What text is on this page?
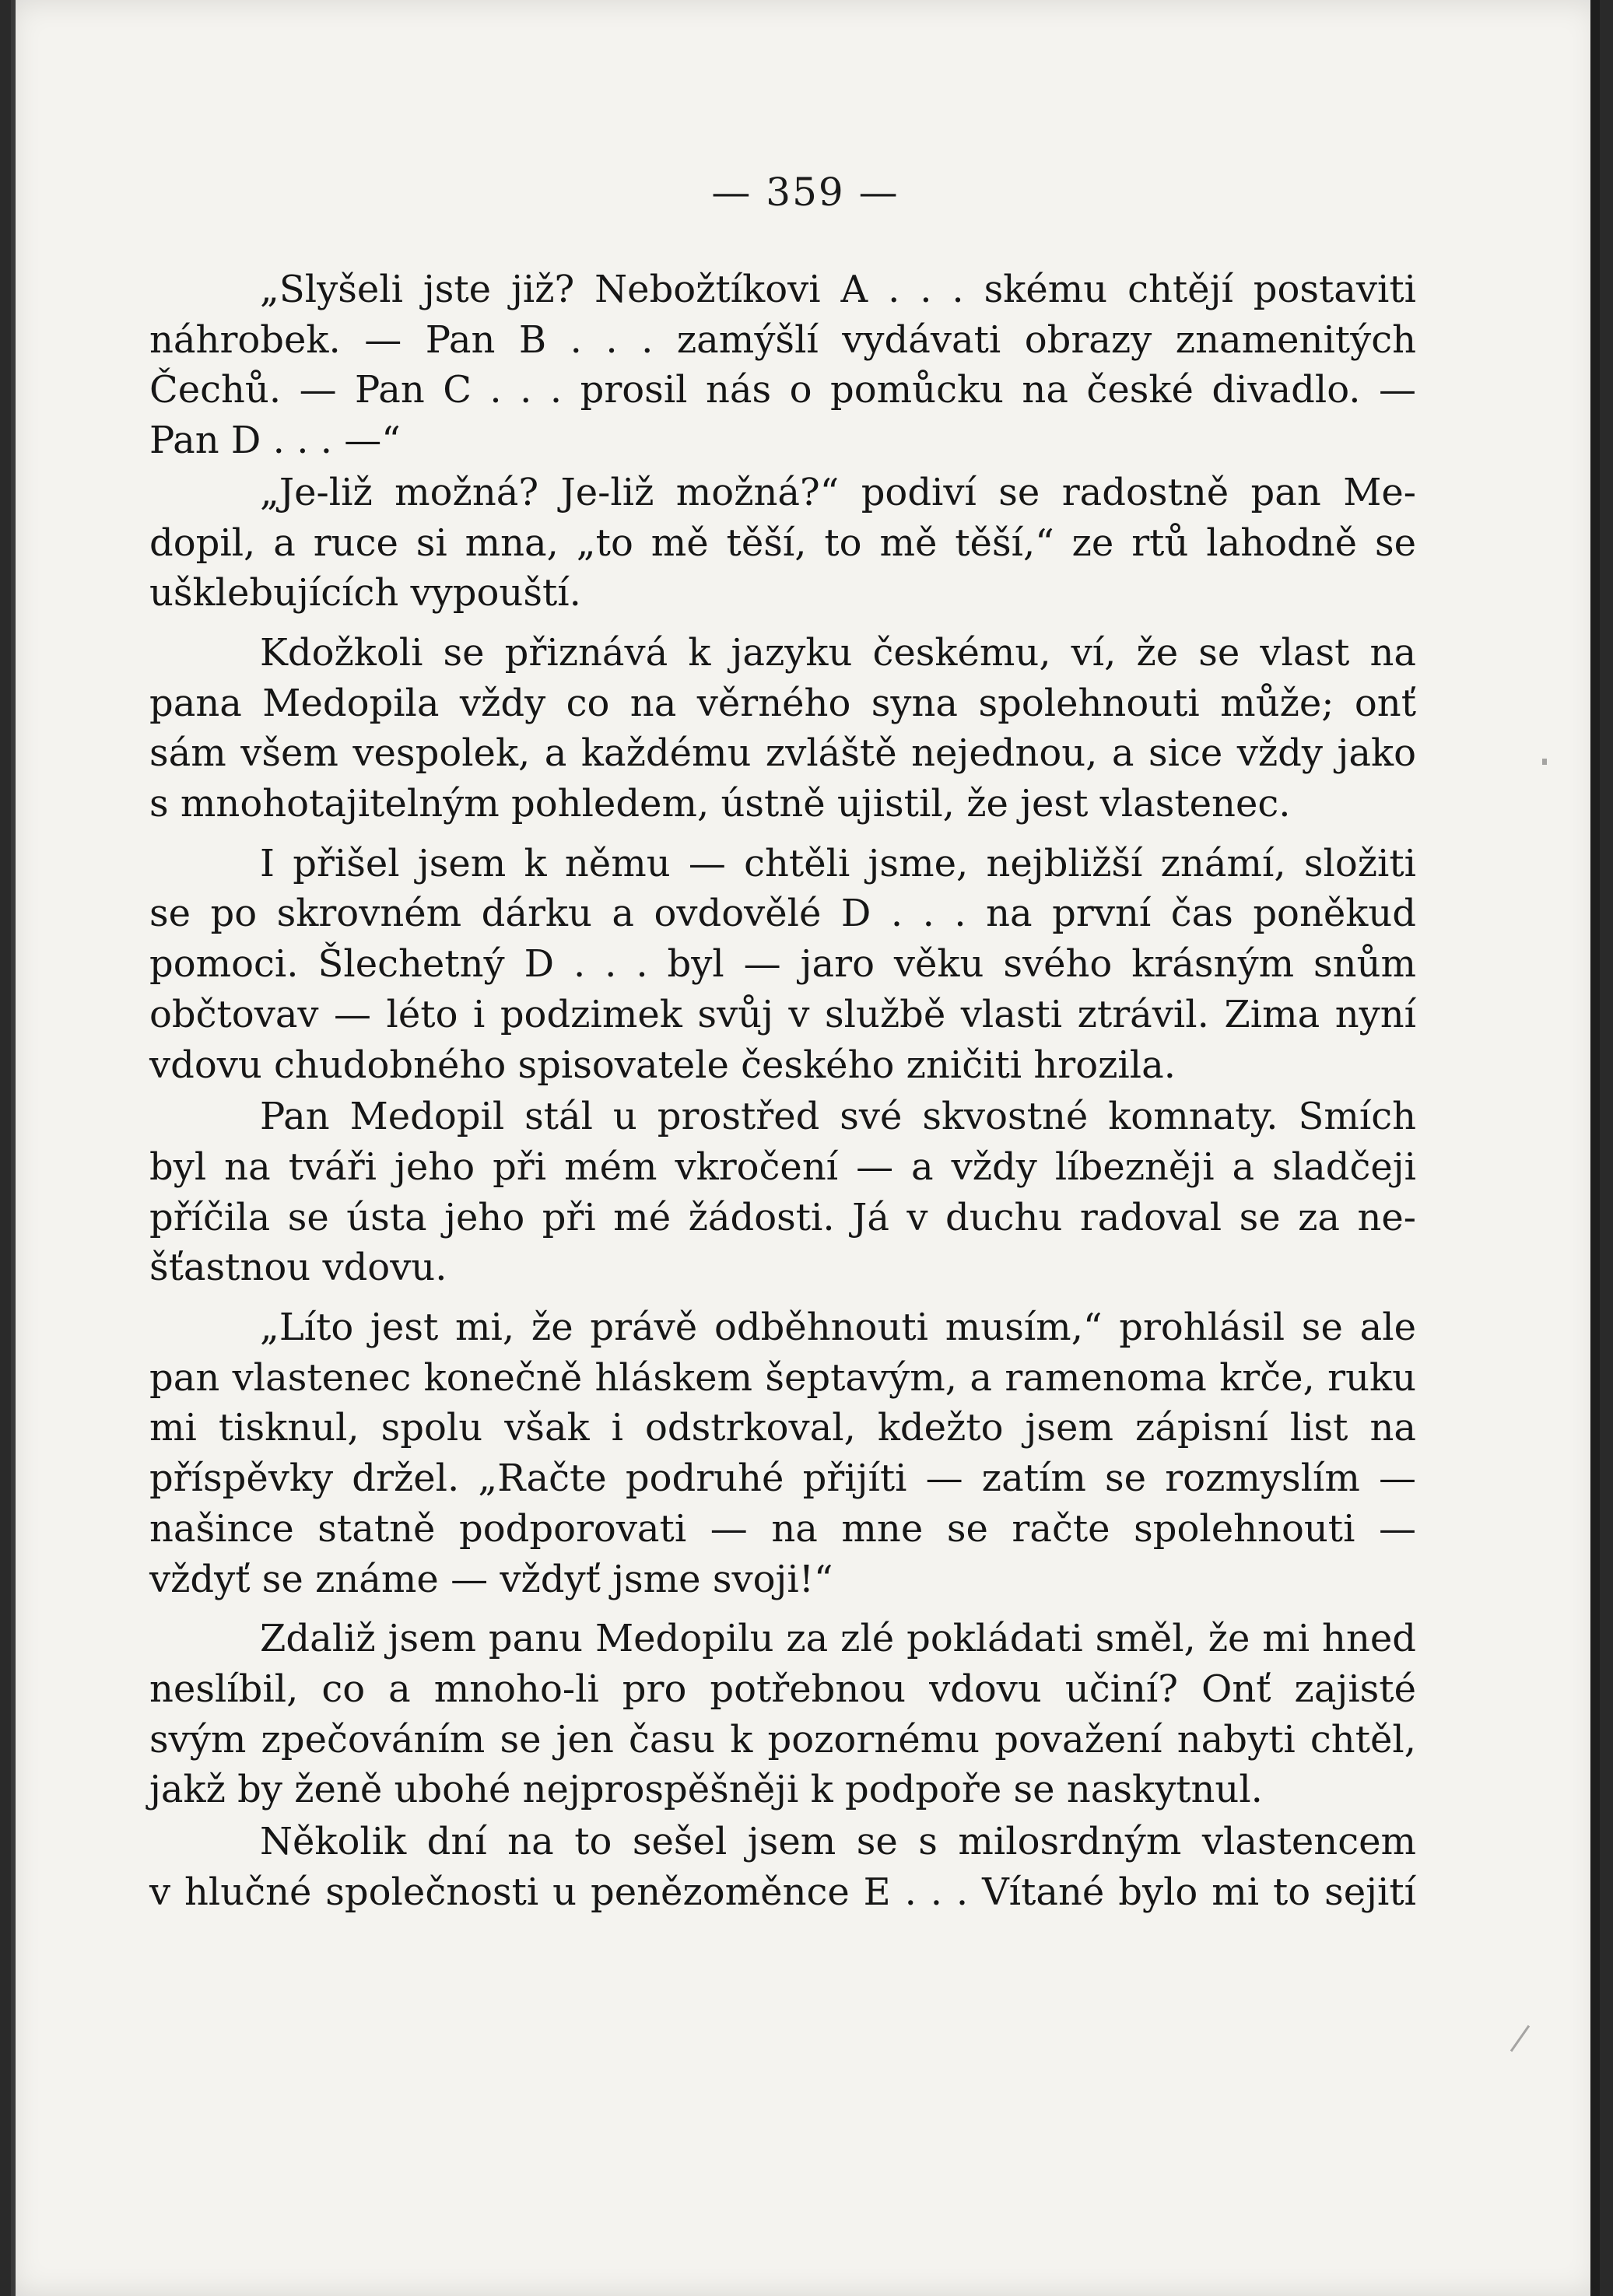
— 359 —
„Slyšeli jste již? Nebožtíkovi A . . . skému chtějí postaviti
náhrobek. — Pan B . . . zamýšlí vydávati obrazy znamenitých
Čechů. — Pan C . . . prosil nás o pomůcku na české divadlo. —
Pan D . . . —“
„Je-liž možná? Je-liž možná?“ podiví se radostně pan Me-
dopil, a ruce si mna, „to mě těší, to mě těší,“ ze rtů lahodně se
ušklebujících vypouští.
Kdožkoli se přiznává k jazyku českému, ví, že se vlast na
pana Medopila vždy co na věrného syna spolehnouti může; onť
sám všem vespolek, a každému zvláště nejednou, a sice vždy jako
s mnohotajitelným pohledem, ústně ujistil, že jest vlastenec.
I přišel jsem k němu — chtěli jsme, nejbližší známí, složiti
se po skrovném dárku a ovdovělé D . . . na první čas poněkud
pomoci. Šlechetný D . . . byl — jaro věku svého krásným snům
občtovav — léto i podzimek svůj v službě vlasti ztrávil. Zima nyní
vdovu chudobného spisovatele českého zničiti hrozila.
Pan Medopil stál u prostřed své skvostné komnaty. Smích
byl na tváři jeho při mém vkročení — a vždy líbezněji a sladčeji
příčila se ústa jeho při mé žádosti. Já v duchu radoval se za ne-
šťastnou vdovu.
„Líto jest mi, že právě odběhnouti musím,“ prohlásil se ale
pan vlastenec konečně hláskem šeptavým, a ramenoma krče, ruku
mi tisknul, spolu však i odstrkoval, kdežto jsem zápisní list na
příspěvky držel. „Račte podruhé přijíti — zatím se rozmyslím —
našince statně podporovati — na mne se račte spolehnouti —
vždyť se známe — vždyť jsme svoji!“
Zdaliž jsem panu Medopilu za zlé pokládati směl, že mi hned
neslíbil, co a mnoho-li pro potřebnou vdovu učiní? Onť zajisté
svým zpečováním se jen času k pozornému považení nabyti chtěl,
jakž by ženě ubohé nejprospěšněji k podpoře se naskytnul.
Několik dní na to sešel jsem se s milosrdným vlastencem
v hlučné společnosti u penězoměnce E . . . Vítané bylo mi to sejití
